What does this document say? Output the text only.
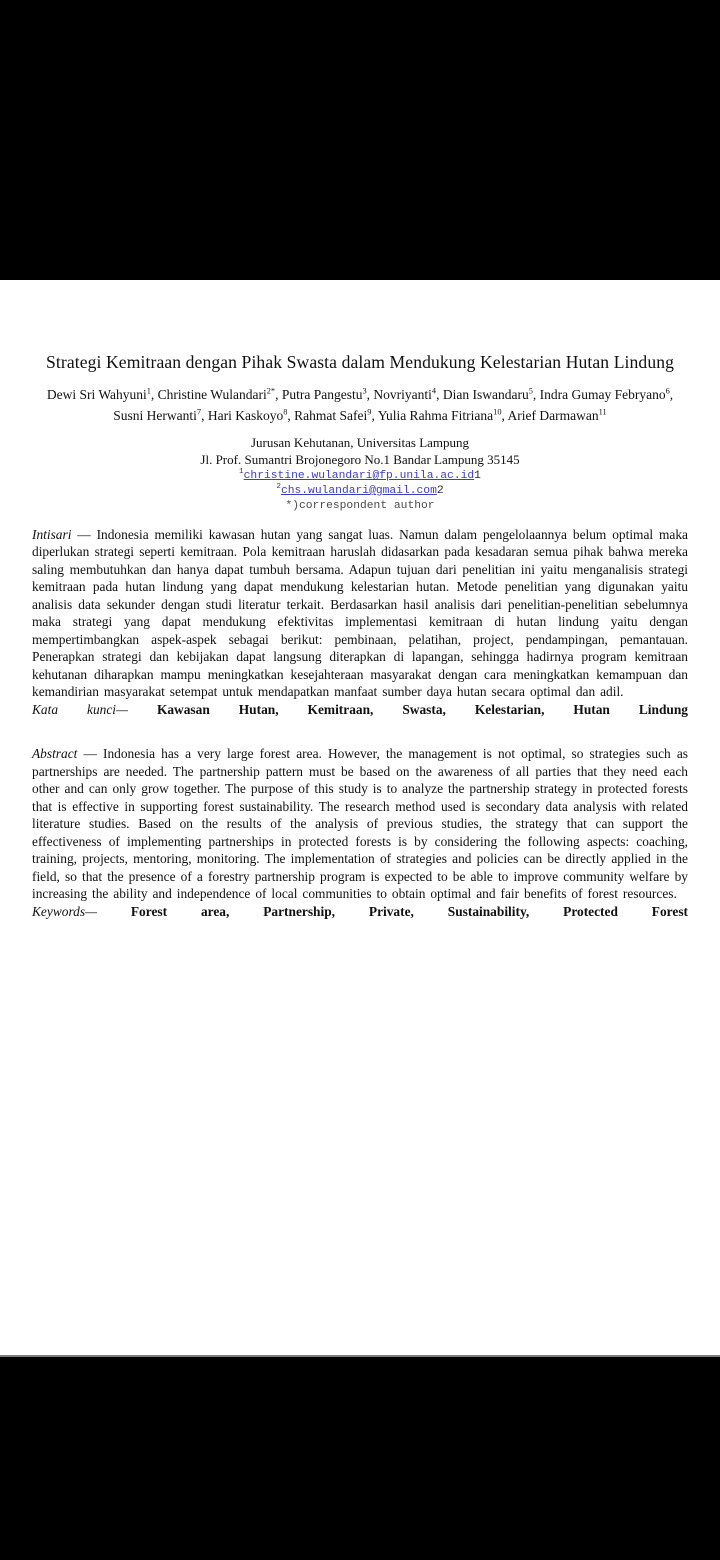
Strategi Kemitraan dengan Pihak Swasta dalam Mendukung Kelestarian Hutan Lindung

Dewi Sri Wahyuni$^1$, Christine Wulandari$^{2*}$, Putra Pangestu$^3$, Novriyanti$^4$, Dian Iswandaru$^5$, Indra Gumay Febryano$^6$, Susni Herwanti$^7$, Hari Kaskoyo$^8$, Rahmat Safei$^9$, Yulia Rahma Fitriana$^{10}$, Arief Darmawan$^{11}$

Jurusan Kehutanan, Universitas Lampung

Jl. Prof. Sumantri Brojonegoro No.1 Bandar Lampung 35145

$^1$christine.wulandari@fp.unila.ac.id1

$^2$chs.wulandari@gmail.com2

*)correspondent author

Intisari — Indonesia memiliki kawasan hutan yang sangat luas. Namun dalam pengelolaannya belum optimal maka diperlukan strategi seperti kemitraan. Pola kemitraan haruslah didasarkan pada kesadaran semua pihak bahwa mereka saling membutuhkan dan hanya dapat tumbuh bersama. Adapun tujuan dari penelitian ini yaitu menganalisis strategi kemitraan pada hutan lindung yang dapat mendukung kelestarian hutan. Metode penelitian yang digunakan yaitu analisis data sekunder dengan studi literatur terkait. Berdasarkan hasil analisis dari penelitian-penelitian sebelumnya maka strategi yang dapat mendukung efektivitas implementasi kemitraan di hutan lindung yaitu dengan mempertimbangkan aspek-aspek sebagai berikut: pembinaan, pelatihan, project, pendampingan, pemantauan. Penerapkan strategi dan kebijakan dapat langsung diterapkan di lapangan, sehingga hadirnya program kemitraan kehutanan diharapkan mampu meningkatkan kesejahteraan masyarakat dengan cara meningkatkan kemampuan dan kemandirian masyarakat setempat untuk mendapatkan manfaat sumber daya hutan secara optimal dan adil.

Kata kunci— Kawasan Hutan, Kemitraan, Swasta, Kelestarian, Hutan Lindung

Abstract — Indonesia has a very large forest area. However, the management is not optimal, so strategies such as partnerships are needed. The partnership pattern must be based on the awareness of all parties that they need each other and can only grow together. The purpose of this study is to analyze the partnership strategy in protected forests that is effective in supporting forest sustainability. The research method used is secondary data analysis with related literature studies. Based on the results of the analysis of previous studies, the strategy that can support the effectiveness of implementing partnerships in protected forests is by considering the following aspects: coaching, training, projects, mentoring, monitoring. The implementation of strategies and policies can be directly applied in the field, so that the presence of a forestry partnership program is expected to be able to improve community welfare by increasing the ability and independence of local communities to obtain optimal and fair benefits of forest resources.

Keywords—	Forest area, Partnership, Private, Sustainability, Protected Forest
